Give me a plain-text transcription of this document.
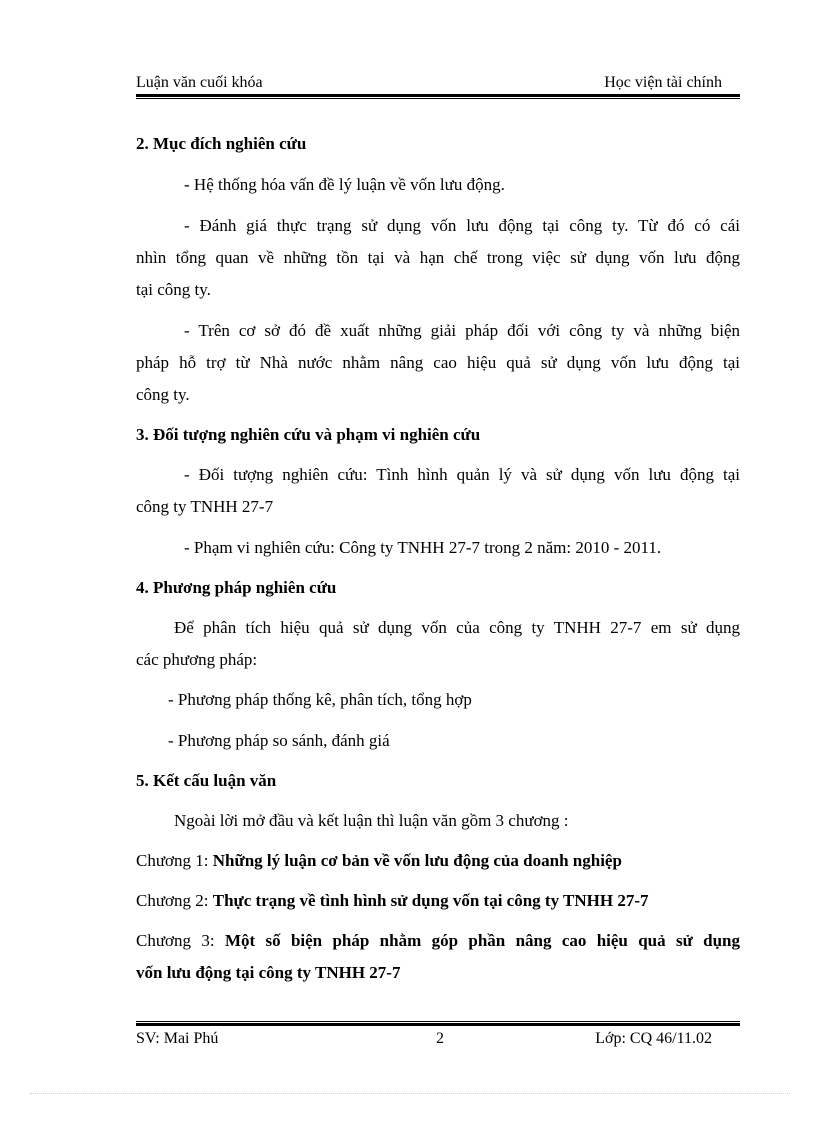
Luận văn cuối khóa	Học viện tài chính
2. Mục đích nghiên cứu
- Hệ thống hóa vấn đề lý luận về vốn lưu động.
- Đánh giá thực trạng sử dụng vốn lưu động tại công ty. Từ đó có cái
nhìn tổng quan về những tồn tại và hạn chế trong việc sử dụng vốn lưu động
tại công ty.
- Trên cơ sở đó đề xuất những giải pháp đối với công ty và những biện
pháp hỗ trợ từ Nhà nước nhằm nâng cao hiệu quả sử dụng vốn lưu động tại
công ty.
3. Đối tượng nghiên cứu và phạm vi nghiên cứu
- Đối tượng nghiên cứu: Tình hình quản lý và sử dụng vốn lưu động tại
công ty TNHH 27-7
- Phạm vi nghiên cứu: Công ty TNHH 27-7 trong 2 năm: 2010 - 2011.
4. Phương pháp nghiên cứu
Để phân tích hiệu quả sử dụng vốn của công ty TNHH 27-7 em sử dụng
các phương pháp:
- Phương pháp thống kê, phân tích, tổng hợp
- Phương pháp so sánh, đánh giá
5. Kết cấu luận văn
Ngoài lời mở đầu và kết luận thì luận văn gồm 3 chương :
Chương 1: Những lý luận cơ bản về vốn lưu động của doanh nghiệp
Chương 2: Thực trạng về tình hình sử dụng vốn tại công ty TNHH 27-7
Chương 3: Một số biện pháp nhằm góp phần nâng cao hiệu quả sử dụng
vốn lưu động tại công ty TNHH 27-7
SV: Mai Phú	2	Lớp: CQ 46/11.02
